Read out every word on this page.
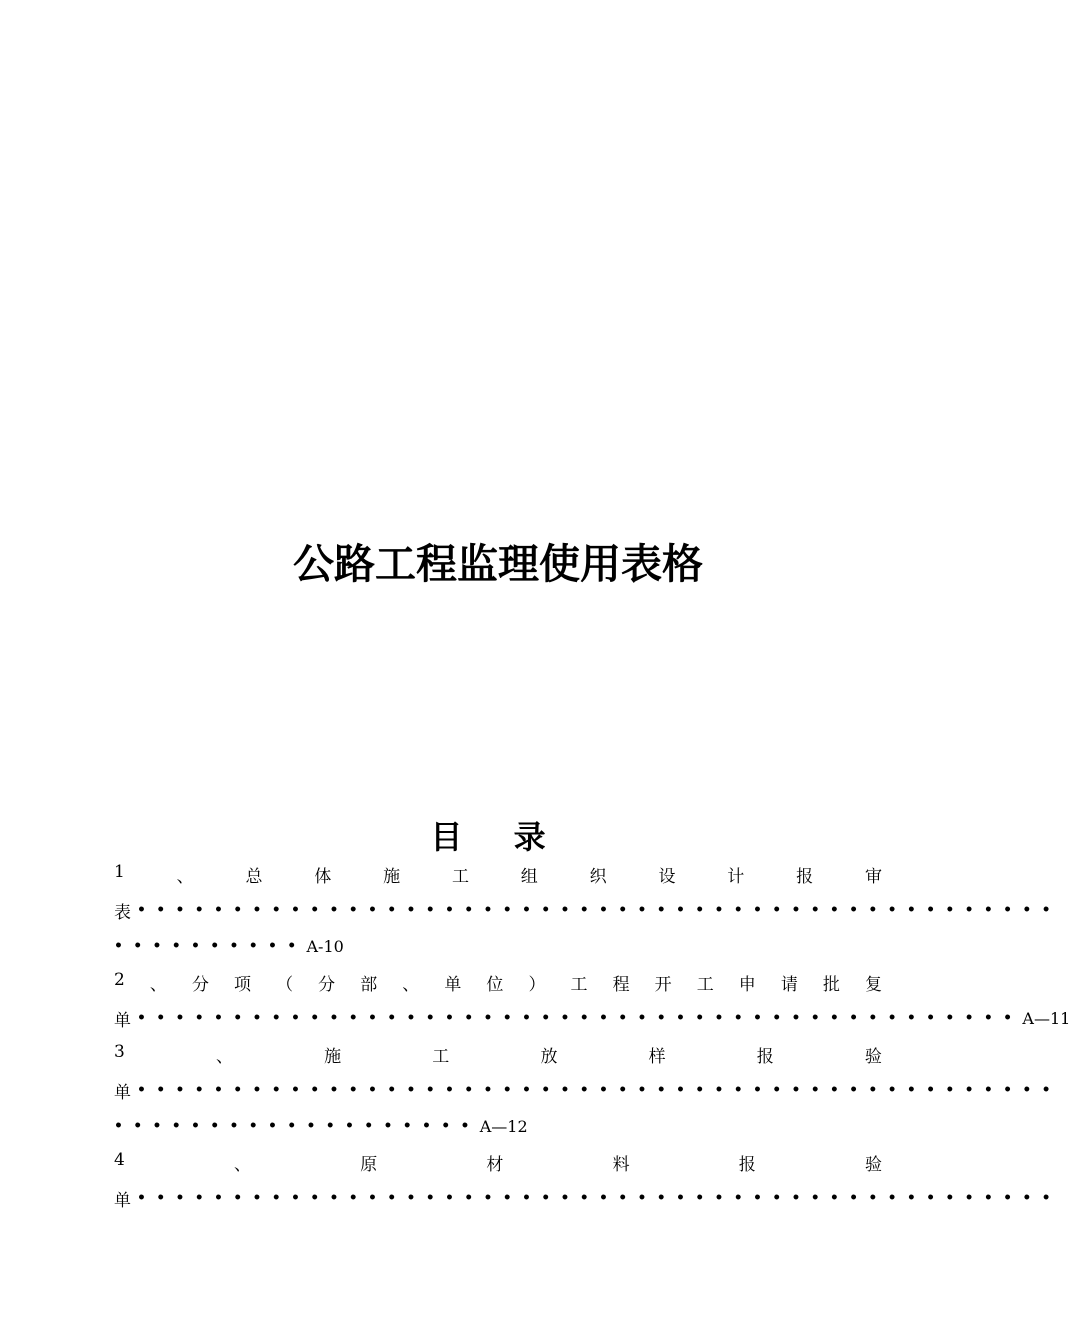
公路工程监理使用表格
目 录
1	、	总	体	施	工	组	织	设	计	报	审
表 ••••••••••••••••••••••••••••••••••••••••••••••••
•••••••••• A-10
2 、 分 项 （ 分 部 、 单 位 ） 工 程 开 工 申 请 批 复
单 •••••••••••••••••••••••••••••••••••••••••••••• A—11
3	、	施	工	放	样	报	验
单 ••••••••••••••••••••••••••••••••••••••••••••••••
••••••••••••••••••• A—12
4	、	原	材	料	报	验
单 ••••••••••••••••••••••••••••••••••••••••••••••••
